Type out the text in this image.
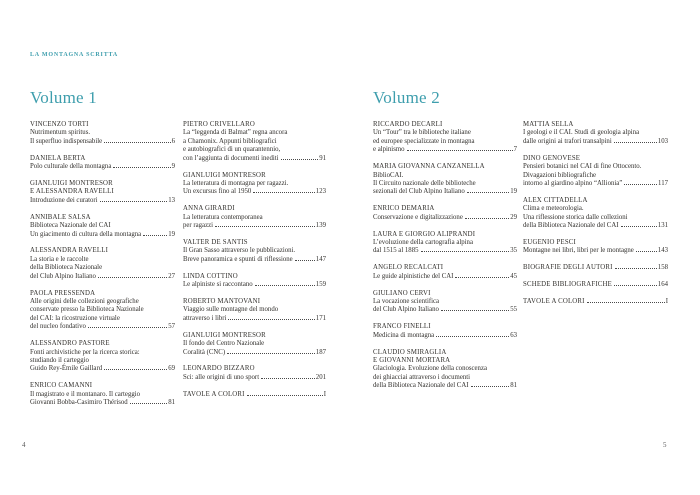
LA MONTAGNA SCRITTA
Volume 1
VINCENZO TORTI
Nutrimentum spiritus.
Il superfluo indispensabile	6
DANIELA BERTA
Polo culturale della montagna	9
GIANLUIGI MONTRESOR
E ALESSANDRA RAVELLI
Introduzione dei curatori	13
ANNIBALE SALSA
Biblioteca Nazionale del CAI
Un giacimento di cultura della montagna	19
ALESSANDRA RAVELLI
La storia e le raccolte
della Biblioteca Nazionale
del Club Alpino Italiano	27
PAOLA PRESSENDA
Alle origini delle collezioni geografiche
conservate presso la Biblioteca Nazionale
del CAI: la ricostruzione virtuale
del nucleo fondativo	57
ALESSANDRO PASTORE
Fonti archivistiche per la ricerca storica:
studiando il carteggio
Guido Rey-Émile Gaillard	69
ENRICO CAMANNI
Il magistrato e il montanaro. Il carteggio
Giovanni Bobba-Casimiro Thérisod	81
PIETRO CRIVELLARO
La “leggenda di Balmat” regna ancora
a Chamonix. Appunti bibliografici
e autobiografici di un quarantennio,
con l’aggiunta di documenti inediti	91
GIANLUIGI MONTRESOR
La letteratura di montagna per ragazzi.
Un excursus fino al 1950	123
ANNA GIRARDI
La letteratura contemporanea
per ragazzi	139
VALTER DE SANTIS
Il Gran Sasso attraverso le pubblicazioni.
Breve panoramica e spunti di riflessione	147
LINDA COTTINO
Le alpiniste si raccontano	159
ROBERTO MANTOVANI
Viaggio sulle montagne del mondo
attraverso i libri	171
GIANLUIGI MONTRESOR
Il fondo del Centro Nazionale
Coralità (CNC)	187
LEONARDO BIZZARO
Sci: alle origini di uno sport	201
TAVOLE A COLORI	I
Volume 2
RICCARDO DECARLI
Un “Tour” tra le biblioteche italiane
ed europee specializzate in montagna
e alpinismo	7
MARIA GIOVANNA CANZANELLA
BiblioCAI.
Il Circuito nazionale delle biblioteche
sezionali del Club Alpino Italiano	19
ENRICO DEMARIA
Conservazione e digitalizzazione	29
LAURA E GIORGIO ALIPRANDI
L’evoluzione della cartografia alpina
dal 1515 al 1885	35
ANGELO RECALCATI
Le guide alpinistiche del CAI	45
GIULIANO CERVI
La vocazione scientifica
del Club Alpino Italiano	55
FRANCO FINELLI
Medicina di montagna	63
CLAUDIO SMIRAGLIA
E GIOVANNI MORTARA
Glaciologia. Evoluzione della conoscenza
dei ghiacciai attraverso i documenti
della Biblioteca Nazionale del CAI	81
MATTIA SELLA
I geologi e il CAI. Studi di geologia alpina
dalle origini ai trafori transalpini	103
DINO GENOVESE
Pensieri botanici nel CAI di fine Ottocento.
Divagazioni bibliografiche
intorno al giardino alpino “Allionia”	117
ALEX CITTADELLA
Clima e meteorologia.
Una riflessione storica dalle collezioni
della Biblioteca Nazionale del CAI	131
EUGENIO PESCI
Montagne nei libri, libri per le montagne	143
BIOGRAFIE DEGLI AUTORI	158
SCHEDE BIBLIOGRAFICHE	164
TAVOLE A COLORI	I
4	5
